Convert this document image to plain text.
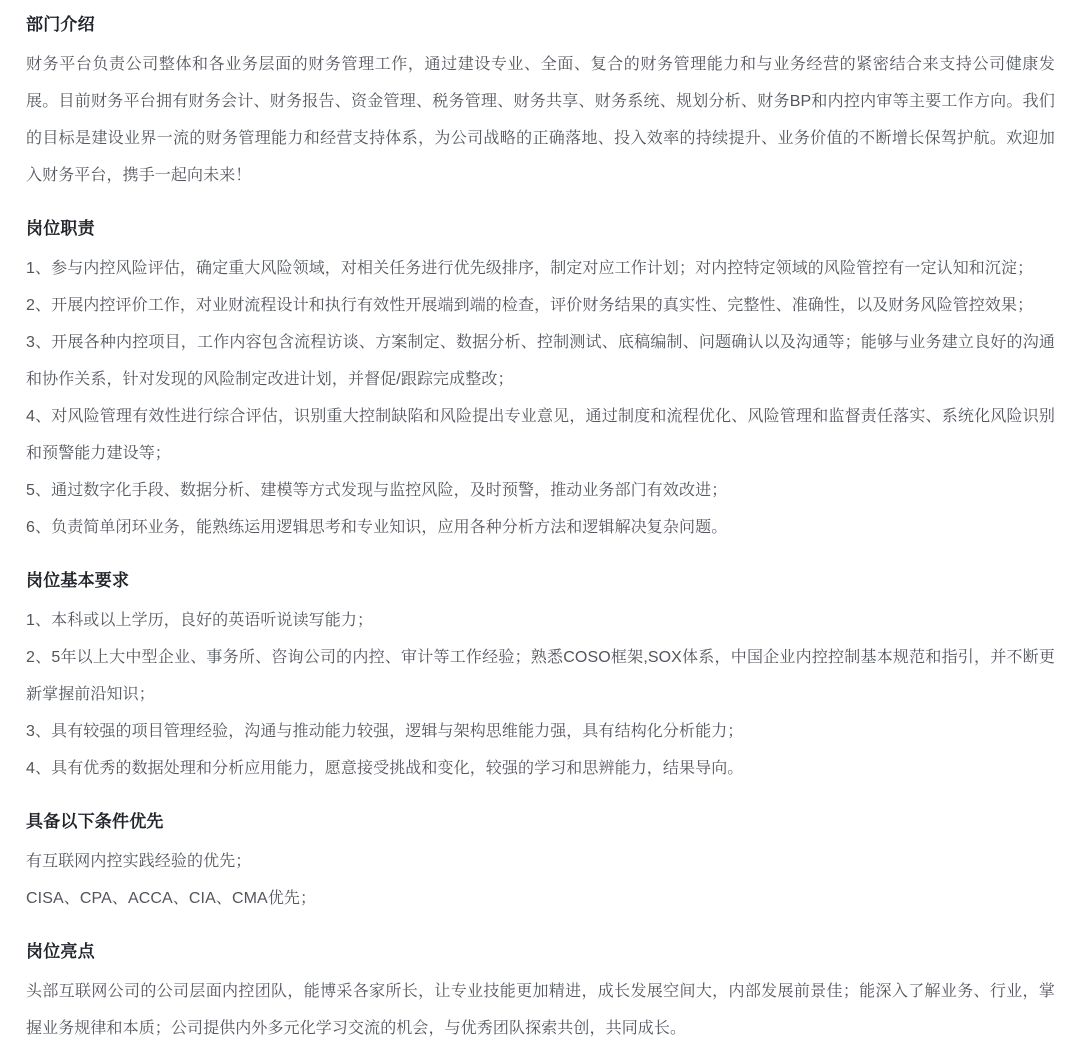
部门介绍

财务平台负责公司整体和各业务层面的财务管理工作，通过建设专业、全面、复合的财务管理能力和与业务经营的紧密结合来支持公司健康发展。目前财务平台拥有财务会计、财务报告、资金管理、税务管理、财务共享、财务系统、规划分析、财务BP和内控内审等主要工作方向。我们的目标是建设业界一流的财务管理能力和经营支持体系，为公司战略的正确落地、投入效率的持续提升、业务价值的不断增长保驾护航。欢迎加入财务平台，携手一起向未来！

岗位职责

1、参与内控风险评估，确定重大风险领域，对相关任务进行优先级排序，制定对应工作计划；对内控特定领域的风险管控有一定认知和沉淀；

2、开展内控评价工作，对业财流程设计和执行有效性开展端到端的检查，评价财务结果的真实性、完整性、准确性，以及财务风险管控效果；

3、开展各种内控项目，工作内容包含流程访谈、方案制定、数据分析、控制测试、底稿编制、问题确认以及沟通等；能够与业务建立良好的沟通和协作关系，针对发现的风险制定改进计划，并督促/跟踪完成整改；

4、对风险管理有效性进行综合评估，识别重大控制缺陷和风险提出专业意见，通过制度和流程优化、风险管理和监督责任落实、系统化风险识别和预警能力建设等；

5、通过数字化手段、数据分析、建模等方式发现与监控风险，及时预警，推动业务部门有效改进；

6、负责简单闭环业务，能熟练运用逻辑思考和专业知识，应用各种分析方法和逻辑解决复杂问题。

岗位基本要求

1、本科或以上学历，良好的英语听说读写能力；

2、5年以上大中型企业、事务所、咨询公司的内控、审计等工作经验；熟悉COSO框架,SOX体系，中国企业内控控制基本规范和指引，并不断更新掌握前沿知识；

3、具有较强的项目管理经验，沟通与推动能力较强，逻辑与架构思维能力强，具有结构化分析能力；

4、具有优秀的数据处理和分析应用能力，愿意接受挑战和变化，较强的学习和思辨能力，结果导向。

具备以下条件优先

有互联网内控实践经验的优先；

CISA、CPA、ACCA、CIA、CMA优先；

岗位亮点

头部互联网公司的公司层面内控团队，能博采各家所长，让专业技能更加精进，成长发展空间大，内部发展前景佳；能深入了解业务、行业，掌握业务规律和本质；公司提供内外多元化学习交流的机会，与优秀团队探索共创，共同成长。
